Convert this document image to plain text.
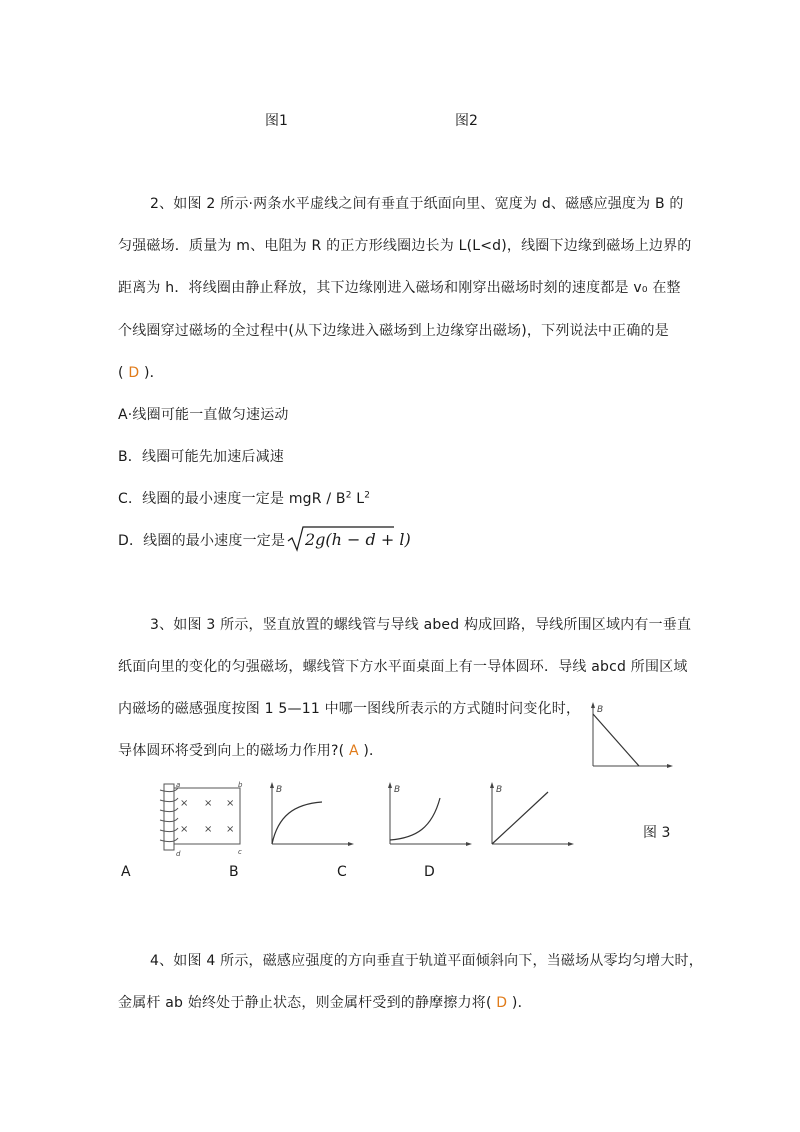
图1	图2
2、如图 2 所示·两条水平虚线之间有垂直于纸面向里、宽度为 d、磁感应强度为 B 的
匀强磁场．质量为 m、电阻为 R 的正方形线圈边长为 L(L<d)，线圈下边缘到磁场上边界的
距离为 h．将线圈由静止释放，其下边缘刚进入磁场和刚穿出磁场时刻的速度都是 v₀ 在整
个线圈穿过磁场的全过程中(从下边缘进入磁场到上边缘穿出磁场)，下列说法中正确的是
( D )．
A·线圈可能一直做匀速运动
B．线圈可能先加速后减速
C．线圈的最小速度一定是 mgR / $B^2$ $L^2$
D．线圈的最小速度一定是 2g(h − d + l)
3、如图 3 所示，竖直放置的螺线管与导线 abed 构成回路，导线所围区域内有一垂直
纸面向里的变化的匀强磁场，螺线管下方水平面桌面上有一导体圆环．导线 abcd 所围区域
内磁场的磁感强度按图 1 5—11 中哪一图线所表示的方式随时问变化时，
导体圆环将受到向上的磁场力作用?( A )．
B
× × ×
× × ×
a	b
c
d
B	B	B
图 3
A	B	C	D
4、如图 4 所示，磁感应强度的方向垂直于轨道平面倾斜向下，当磁场从零均匀增大时，
金属杆 ab 始终处于静止状态，则金属杆受到的静摩擦力将( D )．
